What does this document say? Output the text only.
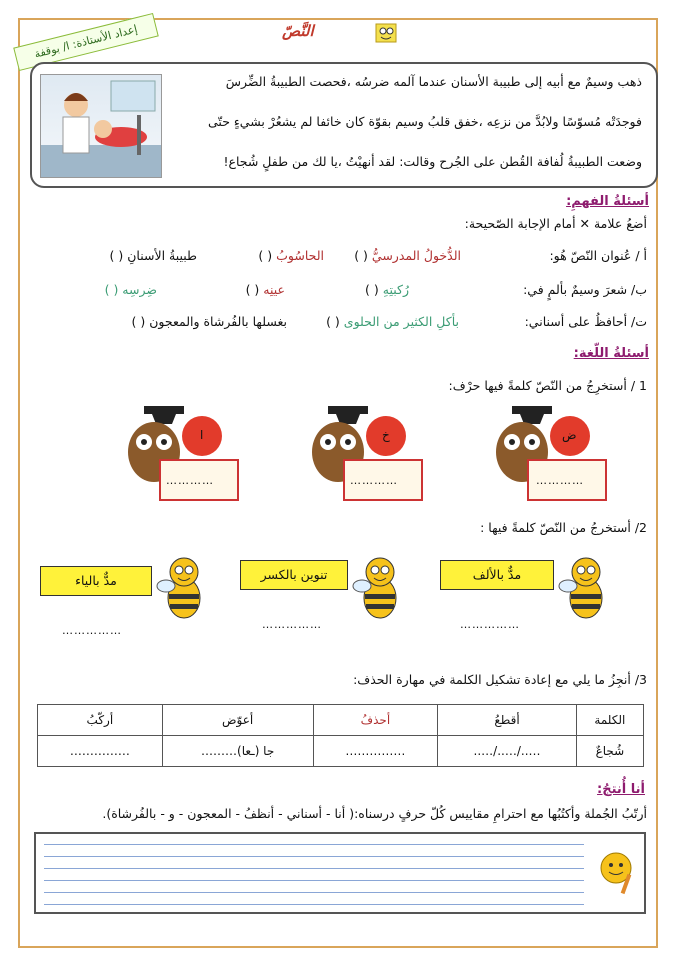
إعداد الأستاذة: ا/ بوقفة	النَّصّ
ذهب وسيمٌ مع أبيه إلى طبيبة الأسنان عندما آلمه ضرسُه ،فحصت الطبيبةُ الضِّرسَ
فوجدَتْه مُسوّسًا ولابُدَّ من نزعِه ،خفق قلبُ وسيم بقوّة كان خائفا لم يشعُرْ بشيءٍ حتّى
وضعت الطبيبةُ لُفافة القُطن على الجُرح وقالت: لقد أنهيْتُ ،يا لك من طفلٍ شُجاع!
أسئلةُ الفهمِ:
أضعُ علامة ✕ أمام الإجابة الصّحيحة:
أ / عُنوان النّصّ هُو:
الدُّخولُ المدرسيُّ ( )
الحاسُوبُ ( )
طبيبةُ الأسنانِ ( )
ب/ شعرَ وسيمٌ بألمٍ في:
رُكبتِهِ ( )
عينِه ( )
ضِرسِه ( )
ت/ أحافظُ على أسناني:
بأكلِ الكثير من الحلوى ( )
بغسلها بالفُرشاة والمعجون ( )
أسئلةُ اللّغة:
1 / أستخرِجُ من النّصّ كلمةً فيها حرْف:
ض
…………
خ
…………
ا
…………
2/ أستخرجُ من النّصّ كلمةً فيها :
مدٌّ بالألف
……………
تنوين بالكسر
……………
مدٌّ بالياء
……………
3/ أنجِزُ ما يلي مع إعادة تشكيل الكلمة في مهارة الحذف:
الكلمة	أقطعُ	أحذفُ	أعوّض	أركّبُ
شُجاعٌ	…../…../…..	……………	جا (ـعا)………	……………
أنا أُنتجُ:
أرتّبُ الجُملة وأكتُبُها مع احترامِ مقاييس كُلّ حرفٍ درسناه:( أنا - أسناني - أنظفُ - المعجون - و - بالفُرشاة).
